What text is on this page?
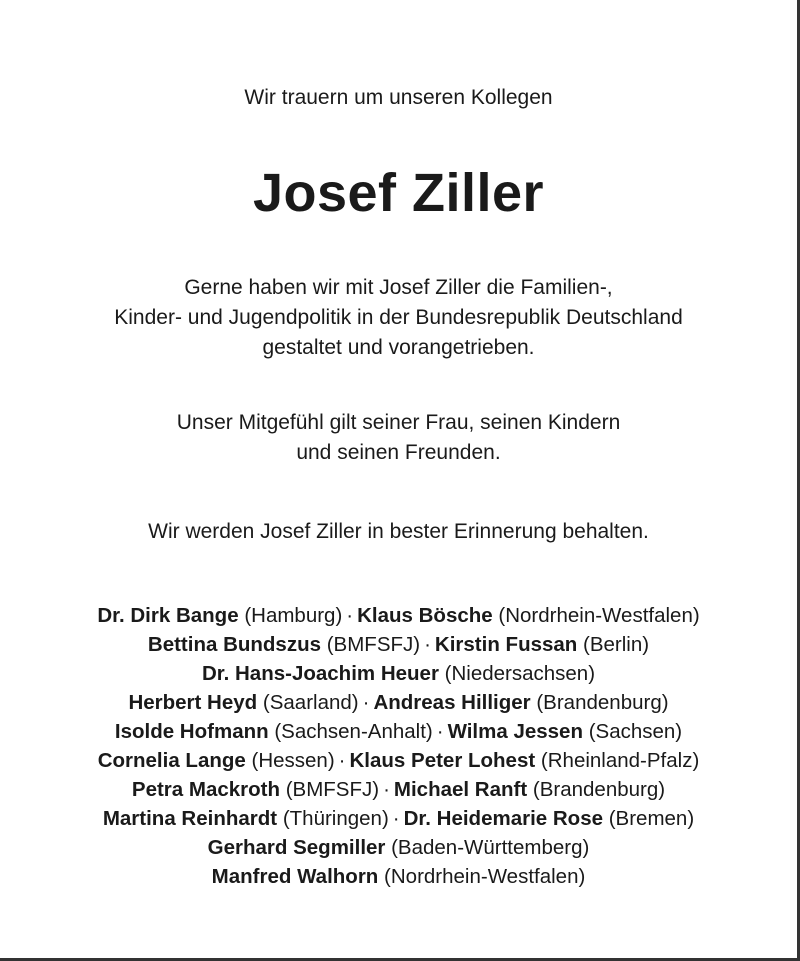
Wir trauern um unseren Kollegen
Josef Ziller
Gerne haben wir mit Josef Ziller die Familien-,
Kinder- und Jugendpolitik in der Bundesrepublik Deutschland
gestaltet und vorangetrieben.
Unser Mitgefühl gilt seiner Frau, seinen Kindern
und seinen Freunden.
Wir werden Josef Ziller in bester Erinnerung behalten.
Dr. Dirk Bange (Hamburg) · Klaus Bösche (Nordrhein-Westfalen)
Bettina Bundszus (BMFSFJ) · Kirstin Fussan (Berlin)
Dr. Hans-Joachim Heuer (Niedersachsen)
Herbert Heyd (Saarland) · Andreas Hilliger (Brandenburg)
Isolde Hofmann (Sachsen-Anhalt) · Wilma Jessen (Sachsen)
Cornelia Lange (Hessen) · Klaus Peter Lohest (Rheinland-Pfalz)
Petra Mackroth (BMFSFJ) · Michael Ranft (Brandenburg)
Martina Reinhardt (Thüringen) · Dr. Heidemarie Rose (Bremen)
Gerhard Segmiller (Baden-Württemberg)
Manfred Walhorn (Nordrhein-Westfalen)
